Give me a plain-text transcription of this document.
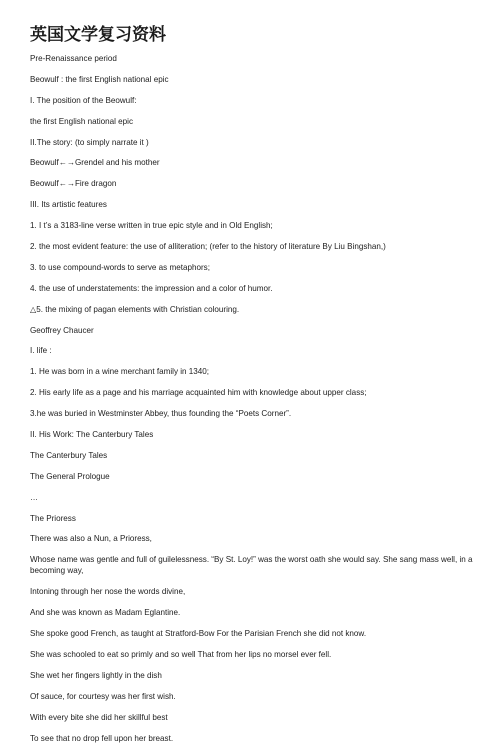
英国文学复习资料
Pre-Renaissance period
Beowulf : the first English national epic
I. The position of the Beowulf:
the first English national epic
II.The story: (to simply narrate it )
Beowulf←→Grendel and his mother
Beowulf←→Fire dragon
III. Its artistic features
1. I t’s a 3183-line verse written in true epic style and in Old English;
2. the most evident feature: the use of alliteration; (refer to the history of literature By Liu Bingshan,)
3. to use compound-words to serve as metaphors;
4. the use of understatements: the impression and a color of humor.
△5. the mixing of pagan elements with Christian colouring.
Geoffrey Chaucer
I. life :
1. He was born in a wine merchant family in 1340;
2. His early life as a page and his marriage acquainted him with knowledge about upper class;
3.he was buried in Westminster Abbey, thus founding the “Poets Corner”.
II. His Work: The Canterbury Tales
The Canterbury Tales
The General Prologue
…
The Prioress
There was also a Nun, a Prioress,
Whose name was gentle and full of guilelessness. “By St. Loy!” was the worst oath she would say. She sang mass well, in a becoming way,
Intoning through her nose the words divine,
And she was known as Madam Eglantine.
She spoke good French, as taught at Stratford-Bow For the Parisian French she did not know.
She was schooled to eat so primly and so well That from her lips no morsel ever fell.
She wet her fingers lightly in the dish
Of sauce, for courtesy was her first wish.
With every bite she did her skillful best
To see that no drop fell upon her breast.
